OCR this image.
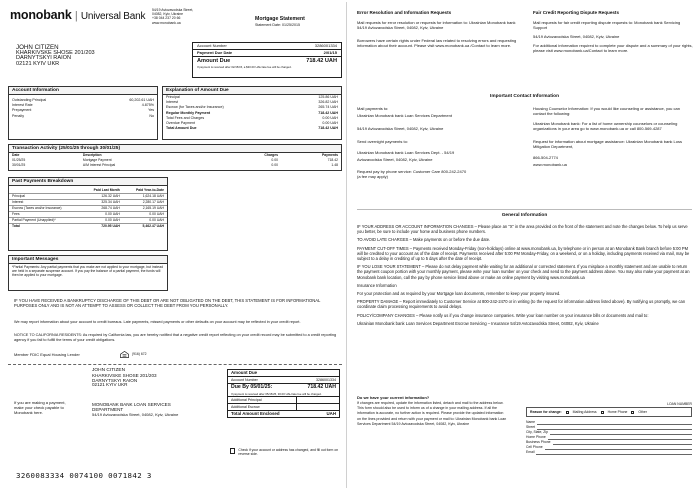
monobank | Universal Bank
54/19 Avtozavodska Street,
04082, Kyiv, Ukraine
+38 044 237 20 66
www.monobank.ua
Mortgage Statement
Statement Date: 01/25/2015
JOHN CITIZEN
KHARKIVSKE SHOSE 201/203
DARNYTSKYI RAION
02121 KYIV UKR
Account Number	3286001334
Payment Due Date	2/01/15
Amount Due	718.42 UAH
If payment is received after 02/15/15, a $30.00 UAH late fee will be charged.
Account Information
Outstanding Principal	60,202.61 UAH
Interest Rate	4.875%
Prepayment	Yes
Penalty	No
Explanation of Amount Due
Principal	125.86 UAH
Interest	326.82 UAH
Escrow (for Taxes and/or Insurance)	265.74 UAH
Regular Monthly Payment	718.42 UAH
Total Fees and Charges	0.00 UAH
Overdue Payment	0.00 UAH
Total Amount Due	718.42 UAH
Transaction Activity (25/01/25 through 30/01/25)
Date	Description	Charges	Payments
01/25/25	Mortgage Payment	0.00	718.42
30/01/25	A/M Interest Principal	0.00	1.48
Past Payments Breakdown
	Paid Last Month	Paid Year-to-Date
Principal	126.32 UAH	1,624.18 UAH
Interest	325.34 UAH	2,280.17 UAH
Escrow (Taxes and/or Insurance)	268.74 UAH	2,165.19 UAH
Fees	0.00 UAH	0.00 UAH
Partial Payment (Unapplied)*	0.00 UAH	0.00 UAH
Total	720.95 UAH	5,462.47 UAH
Important Messages
*Partial Payments: Any partial payments that you make are not applied to your mortgage, but instead are held in a separate suspense account. If you pay the balance of a partial payment, the funds will then be applied to your mortgage.
IF YOU HAVE RECEIVED A BANKRUPTCY DISCHARGE OF THIS DEBT OR ARE NOT OBLIGATED ON THE DEBT, THIS STATEMENT IS FOR INFORMATIONAL PURPOSES ONLY AND IS NOT AN ATTEMPT TO ASSESS OR COLLECT THE DEBT FROM YOU PERSONALLY.
We may report information about your account to credit bureaus. Late payments, missed payments or other defaults on your account may be reflected in your credit report.
NOTICE TO CALIFORNIA RESIDENTS: As required by California law, you are hereby notified that a negative credit report reflecting on your credit record may be submitted to a credit reporting agency if you fail to fulfill the terms of your credit obligations.
Member FDIC Equal Housing Lender	(916) 672
JOHN CITIZEN
KHARKIVSKE SHOSE 201/203
DARNYTSKYI RAION
02121 KYIV UKR
If you are making a payment, make your check payable to Monobank here.
MONOBANK BANK LOAN SERVICES
DEPARTMENT
54/19 Avtozavodska Street, 04082, Kyiv, Ukraine
Amount Due
Account Number	3286001334
Due By 05/01/25:	718.42 UAH
If payment is received after 05/15/25, 30.00 UAH late fee will be charged.
Additional Principal
Additional Escrow
Total Amount Enclosed	UAH
Check if your account or address has changed, and fill out form on reverse side.
3260083334 0074100 0071842 3
Error Resolution and Information Requests
Mail requests for error resolution or requests for information to: Ukrainian Monobank bank 54/19 Avtozavodska Street, 04082, Kyiv, Ukraine
Borrowers have certain rights under Federal law related to resolving errors and requesting information about their account. Please visit www.monobank.ua /Contact to learn more.
Fair Credit Reporting Dispute Requests
Mail requests for fair credit reporting dispute requests to: Monobank bank Servicing Support
54/19 Avtozavodska Street, 04082, Kyiv, Ukraine
For additional information required to complete your dispute and a summary of your rights, please visit www.monobank.ua/Contact to learn more.
Important Contact Information
Mail payments to:
Ukrainian Monobank bank Loan Services Department
54/19 Avtozavodska Street, 04082, Kyiv, Ukraine
Send overnight payments to:
Ukrainian Monobank bank Loan Services Dept. - 54/19
Avtozavodska Street, 04082, Kyiv, Ukraine
Request pay by phone service: Customer Care 800-242-2470 (a fee may apply)
Housing Counselor Information: If you would like counseling or assistance, you can contact the following:
Ukrainian Monobank bank: For a list of home ownership counselors or counseling organizations in your area go to www.monobank.ua or call 800-569-4287
Request for information about mortgage assistance: Ukrainian Monobank bank Loss Mitigation Department,
866-504-2774
www.monobank.ua
General Information
IF YOUR ADDRESS OR ACCOUNT INFORMATION CHANGES – Please place an "X" in the area provided on the front of the statement and note the changes below. To help us serve you better, be sure to include your home and business phone numbers.
TO AVOID LATE CHARGES – Make payments on or before the due date.
PAYMENT CUT-OFF TIMES – Payments received Monday-Friday (non-holidays) online at www.monobank.ua, by telephone or in person at an Monobank Bank branch before 5:00 PM will be credited to your account as of the date of receipt. Payments received after 5:00 PM Monday-Friday, on a weekend, or on a holiday, including payments received via mail, may be subject to a delay in crediting of up to 5 days after the date of receipt.
IF YOU LOSE YOUR STATEMENT – Please do not delay payment while waiting for an additional or corrected statement. If you misplace a monthly statement and are unable to return the payment coupon portion with your monthly payment, please write your loan number on your check and send to the payment address above. You may also make your payment at an Monobank bank location, call the pay by phone service listed above or make an online payment by visiting www.monobank.ua
Insurance Information
For your protection and as required by your Mortgage loan documents, remember to keep your property insured.
PROPERTY DAMAGE – Report immediately to Customer Service at 800-242-2470 or in writing (to the request for information address listed above). By notifying us promptly, we can coordinate claim processing requirements to avoid delays.
POLICY/COMPANY CHANGES – Please notify us if you change insurance companies. Write your loan number on your insurance bills or documents and mail to:
Ukrainian Monobank bank Loan Services Department Escrow Servicing – Insurance 54/19 Avtozavodska Street, 04082, Kyiv, Ukraine
Do we have your current information?
If changes are required, update the information listed, detach and mail to the address below. This form should also be used to inform us of a change in your mailing address. If all the information is accurate, no further action is required. Please provide the updated information on the lines provided and return with your payment or mail to: Ukrainian Monobank bank Loan Services Department 54/19 Avtozavodska Street, 04082, Kyiv, Ukraine
LOAN NUMBER
Reason for change:	Mailing Address	Home Phone	Other
Name
Street
City, State, Zip
Home Phone
Business Phone
Cell Phone
Email
